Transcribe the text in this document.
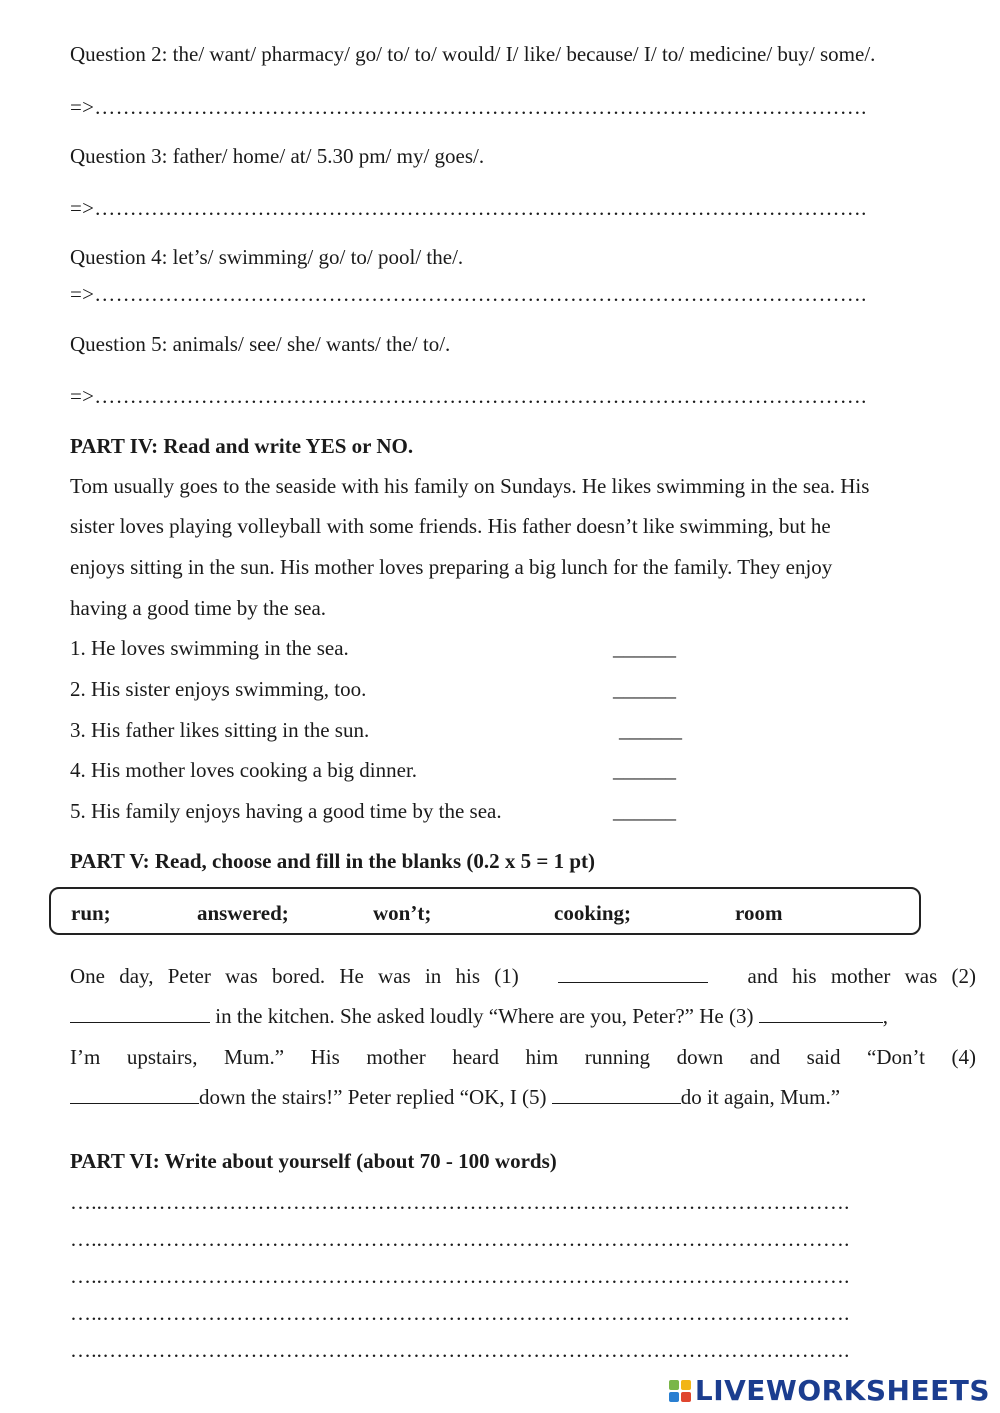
Question 2: the/ want/ pharmacy/ go/ to/ to/ would/ I/ like/ because/ I/ to/ medicine/ buy/ some/.
=>……………………………………………………………………………………………….
Question 3: father/ home/ at/ 5.30 pm/ my/ goes/.
=>……………………………………………………………………………………………….
Question 4: let’s/ swimming/ go/ to/ pool/ the/.
=>……………………………………………………………………………………………….
Question 5: animals/ see/ she/ wants/ the/ to/.
=>……………………………………………………………………………………………….
PART IV: Read and write YES or NO.
Tom usually goes to the seaside with his family on Sundays. He likes swimming in the sea. His
sister loves playing volleyball with some friends. His father doesn’t like swimming, but he
enjoys sitting in the sun. His mother loves preparing a big lunch for the family. They enjoy
having a good time by the sea.
1. He loves swimming in the sea.	______
2. His sister enjoys swimming, too.	______
3. His father likes sitting in the sun.	______
4. His mother loves cooking a big dinner.	______
5. His family enjoys having a good time by the sea.	______
PART V: Read, choose and fill in the blanks (0.2 x 5 = 1 pt)
run;	answered;	won’t;	cooking;	room
One day, Peter was bored. He was in his (1)	and his mother was (2)
in the kitchen. She asked loudly “Where are you, Peter?” He (3)	,
I’m upstairs, Mum.” His mother heard him running down and said “Don’t (4)
down the stairs!” Peter replied “OK, I (5)	do it again, Mum.”
PART VI: Write about yourself (about 70 - 100 words)
…..…………………………………………………………………………………………….
…..…………………………………………………………………………………………….
…..…………………………………………………………………………………………….
…..…………………………………………………………………………………………….
…..…………………………………………………………………………………………….
LIVEWORKSHEETS
